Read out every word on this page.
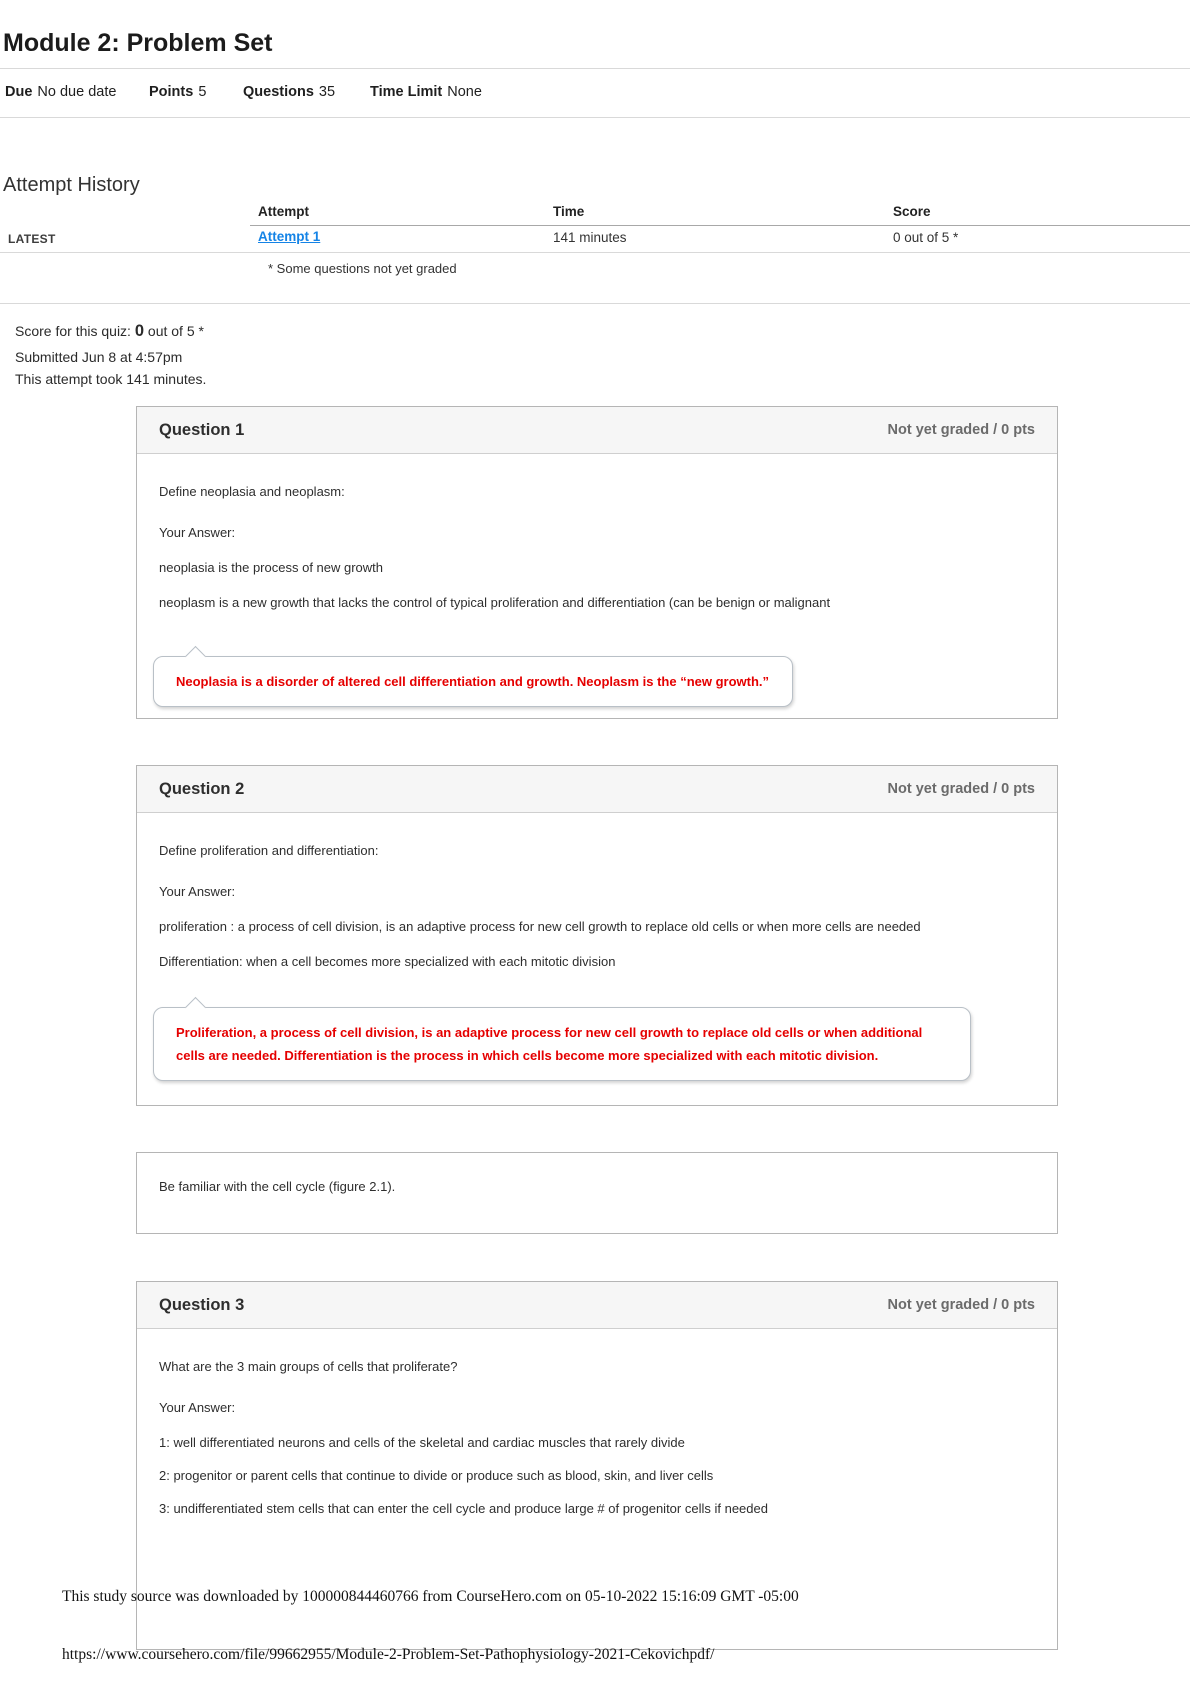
Module 2: Problem Set
Due No due date Points 5	Questions 35 Time Limit None
Attempt History
Attempt	Time	Score
LATEST	Attempt 1	141 minutes	0 out of 5 *
* Some questions not yet graded
Score for this quiz: 0 out of 5 *
Submitted Jun 8 at 4:57pm
This attempt took 141 minutes.
Question 1	Not yet graded / 0 pts

Define neoplasia and neoplasm:

Your Answer:

neoplasia is the process of new growth

neoplasm is a new growth that lacks the control of typical proliferation and differentiation (can be benign or malignant

Neoplasia is a disorder of altered cell differentiation and growth. Neoplasm is the “new growth.”

Question 2	Not yet graded / 0 pts

Define proliferation and differentiation:

Your Answer:

proliferation : a process of cell division, is an adaptive process for new cell growth to replace old cells or when more cells are needed

Differentiation: when a cell becomes more specialized with each mitotic division

Proliferation, a process of cell division, is an adaptive process for new cell growth to replace old cells or when additional

cells are needed. Differentiation is the process in which cells become more specialized with each mitotic division.

Be familiar with the cell cycle (figure 2.1).

Question 3	Not yet graded / 0 pts

What are the 3 main groups of cells that proliferate?

Your Answer:

1: well differentiated neurons and cells of the skeletal and cardiac muscles that rarely divide

2: progenitor or parent cells that continue to divide or produce such as blood, skin, and liver cells

3: undifferentiated stem cells that can enter the cell cycle and produce large # of progenitor cells if needed

This study source was downloaded by 100000844460766 from CourseHero.com on 05-10-2022 15:16:09 GMT -05:00
https://www.coursehero.com/file/99662955/Module-2-Problem-Set-Pathophysiology-2021-Cekovichpdf/
